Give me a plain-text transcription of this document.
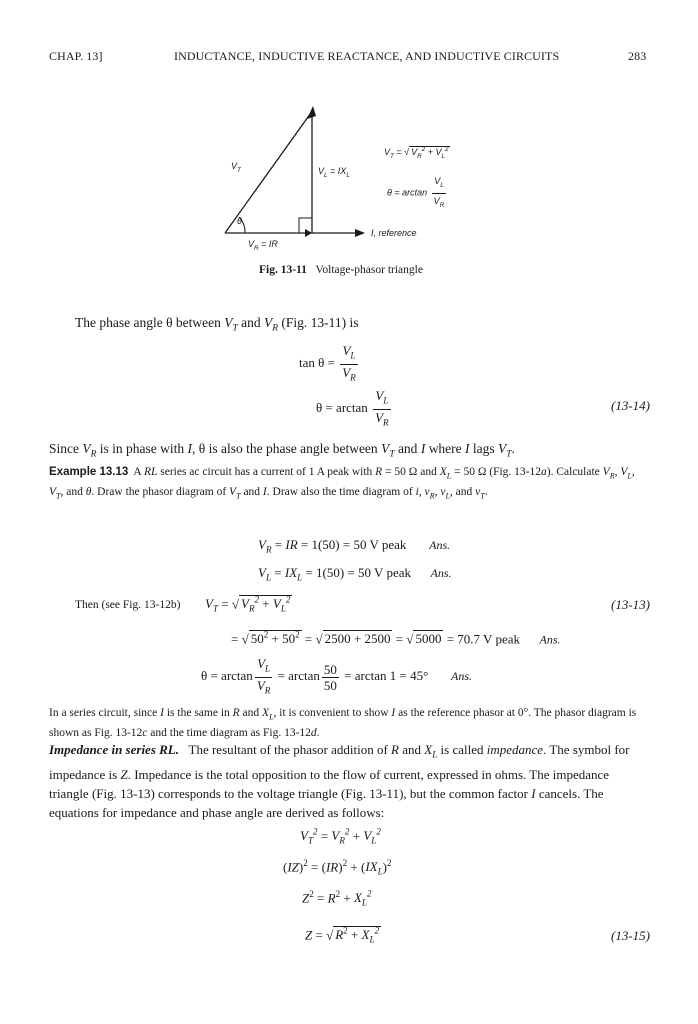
CHAP. 13]	INDUCTANCE, INDUCTIVE REACTANCE, AND INDUCTIVE CIRCUITS	283
$V_T$	$V_L = IX_L$
θ
$V_R$ = IR
I, reference
$V_T$ = √ $V_R^2 + V_L^2$
$\theta = \arctan \frac{V_L}{V_R}$
Fig. 13-11 Voltage-phasor triangle
The phase angle θ between $V_T$ and $V_R$ (Fig. 13-11) is
$\tan \theta = \frac{V_L}{V_R}$
$\theta = \arctan \frac{V_L}{V_R}$	(13-14)
Since $V_R$ is in phase with I, θ is also the phase angle between $V_T$ and I where I lags $V_T$.
Example 13.13  A RL series ac circuit has a current of 1 A peak with R = 50 Ω and $X_L = 50$ Ω (Fig. 13-12a). Calculate $V_R$, $V_L$, $V_T$, and θ. Draw the phasor diagram of $V_T$ and I. Draw also the time diagram of i, $v_R$, $v_L$, and $v_T$.
$V_R$ = IR = 1(50) = 50 V peak       Ans.
$V_L = IX_L = 1(50) = 50$ V peak      Ans.
Then (see Fig. 13-12b) $V_T$ = √ $V_R^2 + V_L^2$	(13-13)
= √ $50^2 + 50^2$ = √ 2500 + 2500 = √ 5000 = 70.7 V peak      Ans.
$\theta = \arctan \frac{V_L}{V_R} = \arctan \frac{50}{50} = \arctan 1 = 45^\circ$ Ans.
In a series circuit, since I is the same in R and $X_L$, it is convenient to show I as the reference phasor at 0°. The phasor diagram is shown as Fig. 13-12c and the time diagram as Fig. 13-12d.
Impedance in series RL.   The resultant of the phasor addition of R and $X_L$ is called impedance. The symbol for impedance is Z. Impedance is the total opposition to the flow of current, expressed in ohms. The impedance triangle (Fig. 13-13) corresponds to the voltage triangle (Fig. 13-11), but the common factor I cancels. The equations for impedance and phase angle are derived as follows:
$V_T^2 = V_R^2 + V_L^2$
$(IZ)^2 = (IR)^2 + (IX_L)^2$
$Z^2 = R^2 + X_L^2$
Z = √ $R^2 + X_L^2$	(13-15)
